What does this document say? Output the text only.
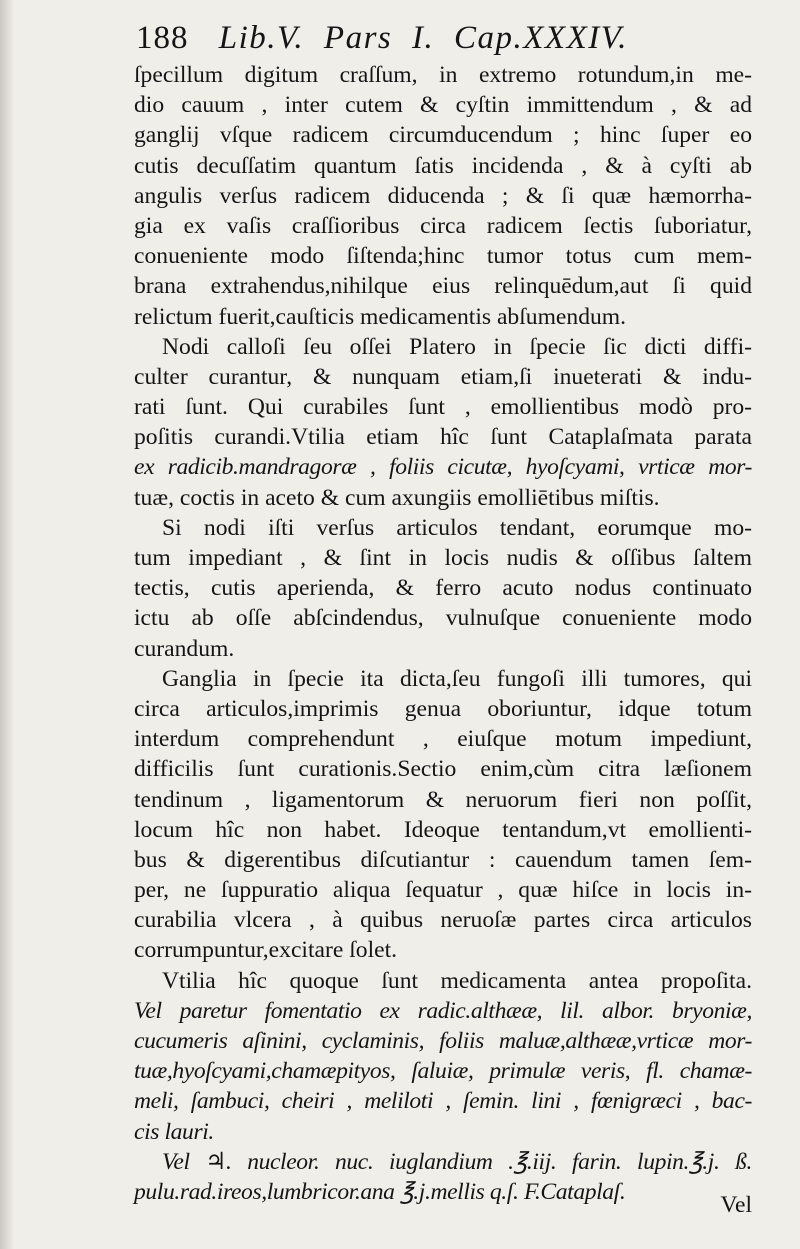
188 Lib.V. Pars I. Cap.XXXIV.
ſpecillum digitum craſſum, in extremo rotundum,in me-
dio cauum , inter cutem & cyſtin immittendum , & ad
ganglij vſque radicem circumducendum ; hinc ſuper eo
cutis decuſſatim quantum ſatis incidenda , & à cyſti ab
angulis verſus radicem diducenda ; & ſi quæ hæmorrha-
gia ex vaſis craſſioribus circa radicem ſectis ſuboriatur,
conueniente modo ſiſtenda;hinc tumor totus cum mem-
brana extrahendus,nihilque eius relinquēdum,aut ſi quid
relictum fuerit,cauſticis medicamentis abſumendum.
Nodi calloſi ſeu oſſei Platero in ſpecie ſic dicti diffi-
culter curantur, & nunquam etiam,ſi inueterati & indu-
rati ſunt. Qui curabiles ſunt , emollientibus modò pro-
poſitis curandi.Vtilia etiam hîc ſunt Cataplaſmata parata
ex radicib.mandragoræ , foliis cicutæ, hyoſcyami, vrticæ mor-
tuæ, coctis in aceto & cum axungiis emolliētibus miſtis.
Si nodi iſti verſus articulos tendant, eorumque mo-
tum impediant , & ſint in locis nudis & oſſibus ſaltem
tectis, cutis aperienda, & ferro acuto nodus continuato
ictu ab oſſe abſcindendus, vulnuſque conueniente modo
curandum.
Ganglia in ſpecie ita dicta,ſeu fungoſi illi tumores, qui
circa articulos,imprimis genua oboriuntur, idque totum
interdum comprehendunt , eiuſque motum impediunt,
difficilis ſunt curationis.Sectio enim,cùm citra læſionem
tendinum , ligamentorum & neruorum fieri non poſſit,
locum hîc non habet. Ideoque tentandum,vt emollienti-
bus & digerentibus diſcutiantur : cauendum tamen ſem-
per, ne ſuppuratio aliqua ſequatur , quæ hiſce in locis in-
curabilia vlcera , à quibus neruoſæ partes circa articulos
corrumpuntur,excitare ſolet.
Vtilia hîc quoque ſunt medicamenta antea propoſita.
Vel paretur fomentatio ex radic.althææ, lil. albor. bryoniæ,
cucumeris aſinini, cyclaminis, foliis maluæ,althææ,vrticæ mor-
tuæ,hyoſcyami,chamæpityos, ſaluiæ, primulæ veris, fl. chamæ-
meli, ſambuci, cheiri , meliloti , ſemin. lini , fœnigræci , bac-
cis lauri.
Vel ♃. nucleor. nuc. iuglandium .℥.iij. farin. lupin.℥.j. ß.
pulu.rad.ireos,lumbricor.ana ℥.j.mellis q.ſ. F.Cataplaſ.
Vel
